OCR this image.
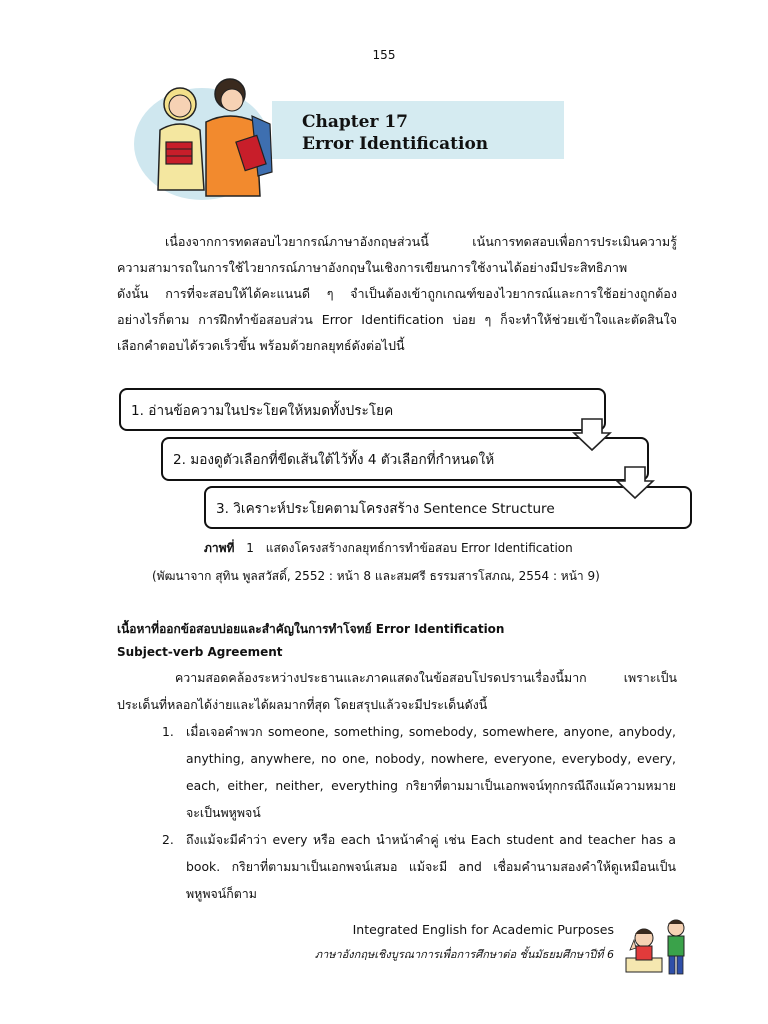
155
Chapter 17
Error Identification

เนื่องจากการทดสอบไวยากรณ์ภาษาอังกฤษส่วนนี้ เน้นการทดสอบเพื่อการประเมินความรู้

ความสามารถในการใช้ไวยากรณ์ภาษาอังกฤษในเชิงการเขียนการใช้งานได้อย่างมีประสิทธิภาพ

ดังนั้น การที่จะสอบให้ได้คะแนนดี ๆ จำเป็นต้องเข้าถูกเกณฑ์ของไวยากรณ์และการใช้อย่างถูกต้อง

อย่างไรก็ตาม การฝึกทำข้อสอบส่วน Error Identification บ่อย ๆ ก็จะทำให้ช่วยเข้าใจและตัดสินใจ

เลือกคำตอบได้รวดเร็วขึ้น พร้อมด้วยกลยุทธ์ดังต่อไปนี้

1. อ่านข้อความในประโยคให้หมดทั้งประโยค
2. มองดูตัวเลือกที่ขีดเส้นใต้ไว้ทั้ง 4 ตัวเลือกที่กำหนดให้
3. วิเคราะห์ประโยคตามโครงสร้าง Sentence Structure
ภาพที่ 1 แสดงโครงสร้างกลยุทธ์การทำข้อสอบ Error Identification
(พัฒนาจาก สุทิน พูลสวัสดิ์, 2552 : หน้า 8 และสมศรี ธรรมสารโสภณ, 2554 : หน้า 9)
เนื้อหาที่ออกข้อสอบบ่อยและสำคัญในการทำโจทย์ Error Identification
Subject-verb Agreement
ความสอดคล้องระหว่างประธานและภาคแสดงในข้อสอบโปรดปรานเรื่องนี้มาก เพราะเป็น
ประเด็นที่หลอกได้ง่ายและได้ผลมากที่สุด โดยสรุปแล้วจะมีประเด็นดังนี้
1. เมื่อเจอคำพวก someone, something, somebody, somewhere, anyone, anybody,
anything, anywhere, no one, nobody, nowhere, everyone, everybody, every,
each, either, neither, everything กริยาที่ตามมาเป็นเอกพจน์ทุกกรณีถึงแม้ความหมาย
จะเป็นพหูพจน์
2. ถึงแม้จะมีคำว่า every หรือ each นำหน้าคำคู่ เช่น Each student and teacher has a
book. กริยาที่ตามมาเป็นเอกพจน์เสมอ แม้จะมี and เชื่อมคำนามสองคำให้ดูเหมือนเป็น
พหูพจน์ก็ตาม
Integrated English for Academic Purposes
ภาษาอังกฤษเชิงบูรณาการเพื่อการศึกษาต่อ ชั้นมัธยมศึกษาปีที่ 6
